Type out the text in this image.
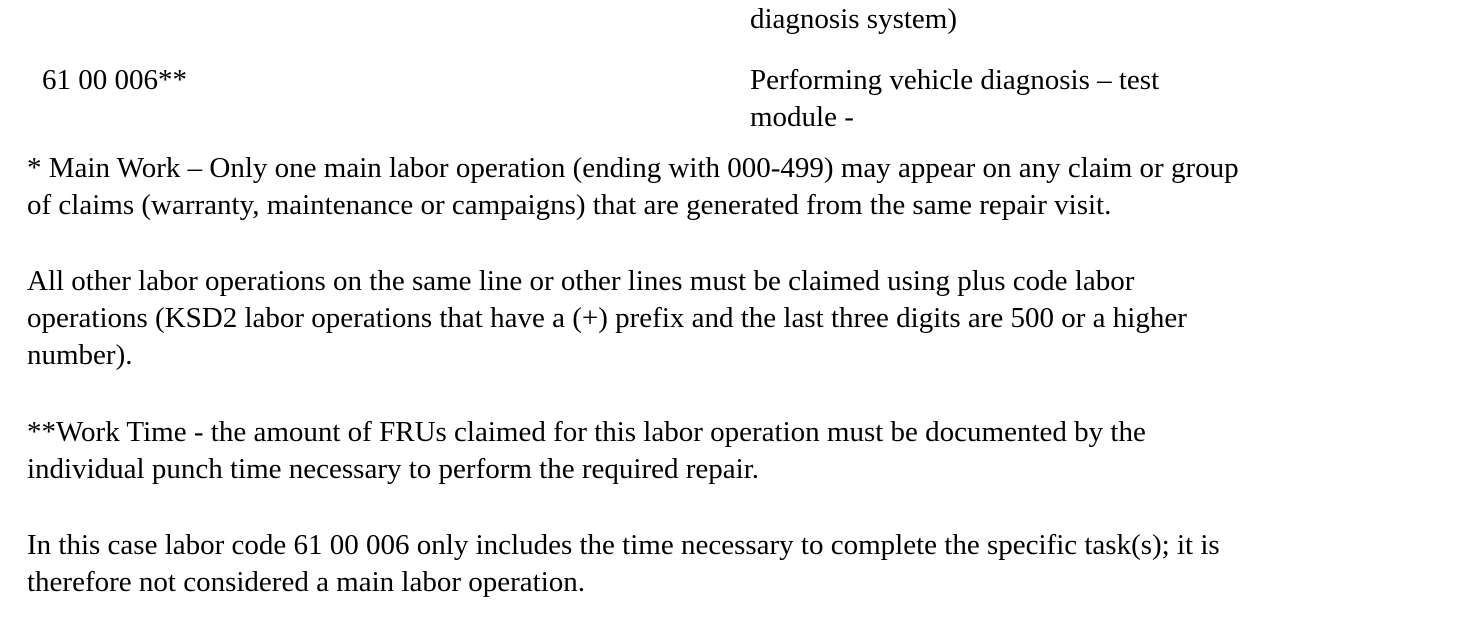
diagnosis system)
61 00 006**	Performing vehicle diagnosis – test
module -
* Main Work – Only one main labor operation (ending with 000-499) may appear on any claim or group
of claims (warranty, maintenance or campaigns) that are generated from the same repair visit.
All other labor operations on the same line or other lines must be claimed using plus code labor
operations (KSD2 labor operations that have a (+) prefix and the last three digits are 500 or a higher
number).
**Work Time - the amount of FRUs claimed for this labor operation must be documented by the
individual punch time necessary to perform the required repair.
In this case labor code 61 00 006 only includes the time necessary to complete the specific task(s); it is
therefore not considered a main labor operation.
